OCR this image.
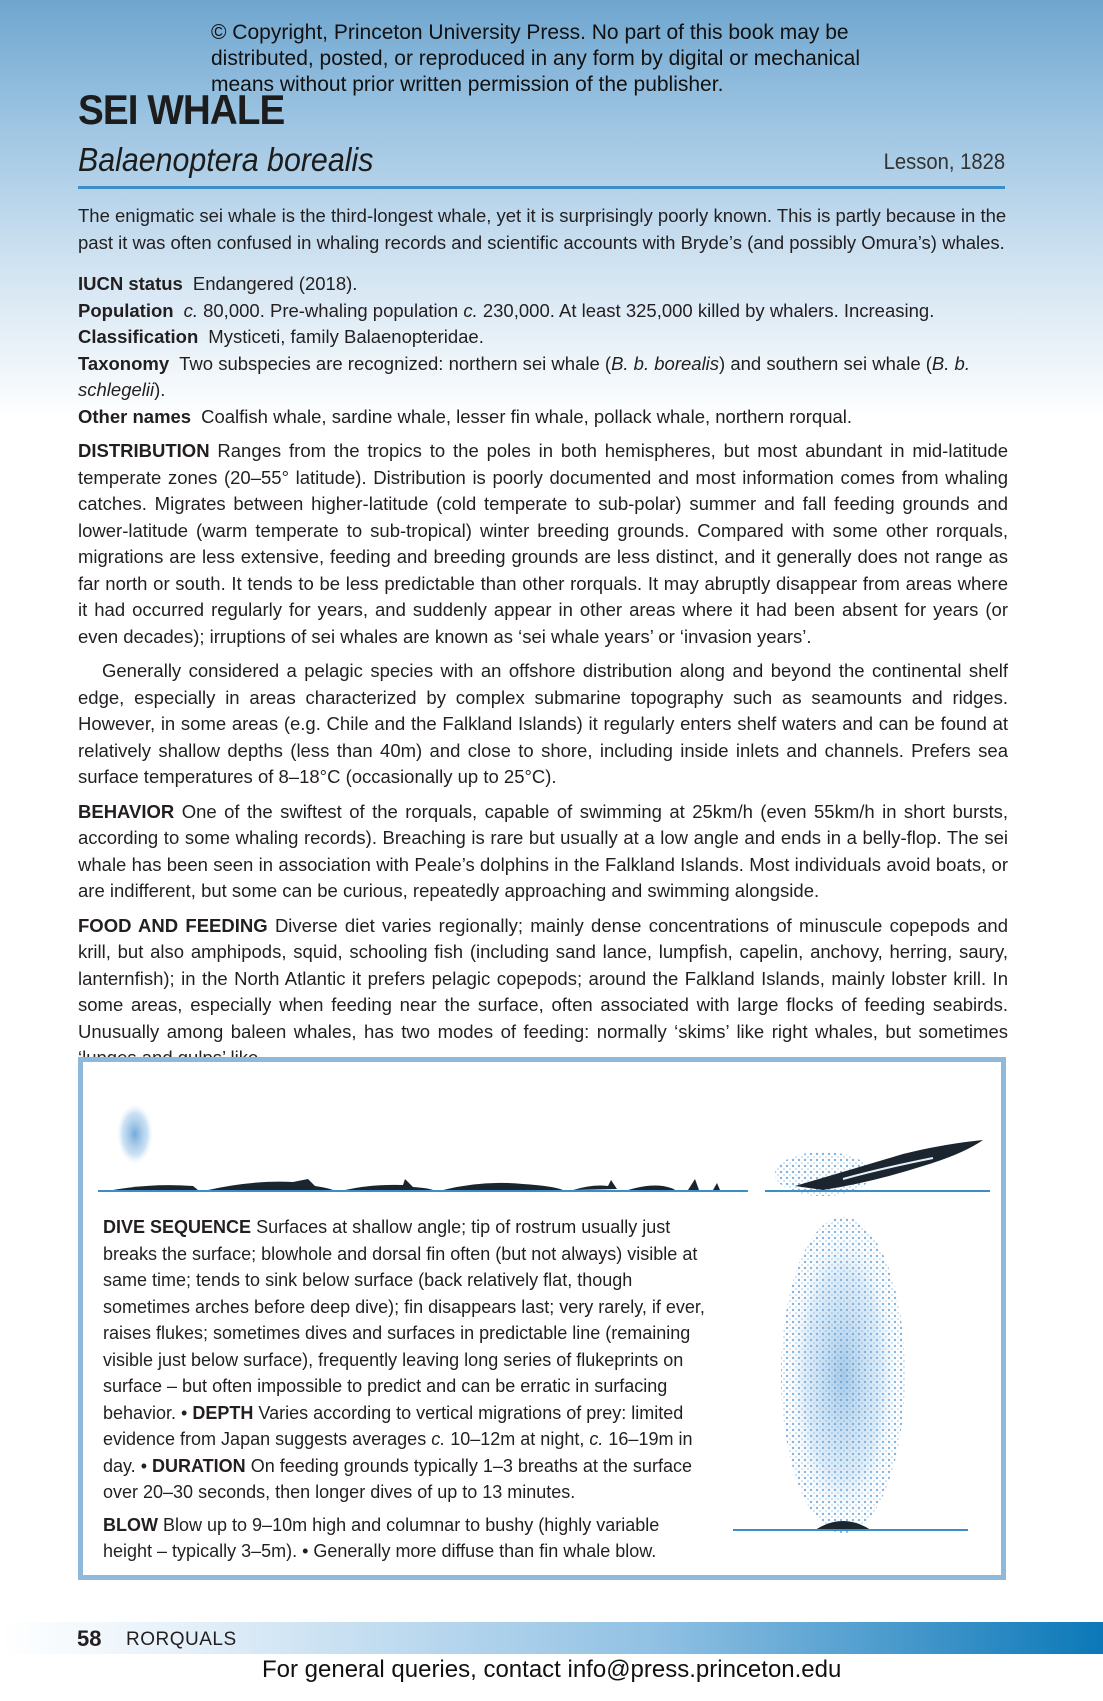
© Copyright, Princeton University Press. No part of this book may be distributed, posted, or reproduced in any form by digital or mechanical means without prior written permission of the publisher.
SEI WHALE
Balaenoptera borealis	Lesson, 1828
The enigmatic sei whale is the third-longest whale, yet it is surprisingly poorly known. This is partly because in the past it was often confused in whaling records and scientific accounts with Bryde’s (and possibly Omura’s) whales.

IUCN status Endangered (2018).

Population c. 80,000. Pre-whaling population c. 230,000. At least 325,000 killed by whalers. Increasing.

Classification Mysticeti, family Balaenopteridae.

Taxonomy Two subspecies are recognized: northern sei whale (B. b. borealis) and southern sei whale (B. b. schlegelii).

Other names Coalfish whale, sardine whale, lesser fin whale, pollack whale, northern rorqual.

DISTRIBUTION Ranges from the tropics to the poles in both hemispheres, but most abundant in mid-latitude temperate zones (20–55° latitude). Distribution is poorly documented and most information comes from whaling catches. Migrates between higher-latitude (cold temperate to sub-polar) summer and fall feeding grounds and lower-latitude (warm temperate to sub-tropical) winter breeding grounds. Compared with some other rorquals, migrations are less extensive, feeding and breeding grounds are less distinct, and it generally does not range as far north or south. It tends to be less predictable than other rorquals. It may abruptly disappear from areas where it had occurred regularly for years, and suddenly appear in other areas where it had been absent for years (or even decades); irruptions of sei whales are known as ‘sei whale years’ or ‘invasion years’.

Generally considered a pelagic species with an offshore distribution along and beyond the continental shelf edge, especially in areas characterized by complex submarine topography such as seamounts and ridges. However, in some areas (e.g. Chile and the Falkland Islands) it regularly enters shelf waters and can be found at relatively shallow depths (less than 40m) and close to shore, including inside inlets and channels. Prefers sea surface temperatures of 8–18°C (occasionally up to 25°C).

BEHAVIOR One of the swiftest of the rorquals, capable of swimming at 25km/h (even 55km/h in short bursts, according to some whaling records). Breaching is rare but usually at a low angle and ends in a belly-flop. The sei whale has been seen in association with Peale’s dolphins in the Falkland Islands. Most individuals avoid boats, or are indifferent, but some can be curious, repeatedly approaching and swimming alongside.

FOOD AND FEEDING Diverse diet varies regionally; mainly dense concentrations of minuscule copepods and krill, but also amphipods, squid, schooling fish (including sand lance, lumpfish, capelin, anchovy, herring, saury, lanternfish); in the North Atlantic it prefers pelagic copepods; around the Falkland Islands, mainly lobster krill. In some areas, especially when feeding near the surface, often associated with large flocks of feeding seabirds. Unusually among baleen whales, has two modes of feeding: normally ‘skims’ like right whales, but sometimes

DIVE SEQUENCE Surfaces at shallow angle; tip of rostrum usually just breaks the surface; blowhole and dorsal fin often (but not always) visible at same time; tends to sink below surface (back relatively flat, though sometimes arches before deep dive); fin disappears last; very rarely, if ever, raises flukes; sometimes dives and surfaces in predictable line (remaining visible just below surface), frequently leaving long series of flukeprints on surface – but often impossible to predict and can be erratic in surfacing behavior. • DEPTH Varies according to vertical migrations of prey: limited evidence from Japan suggests averages c. 10–12m at night, c. 16–19m in day. • DURATION On feeding grounds typically 1–3 breaths at the surface over 20–30 seconds, then longer dives of up to 13 minutes.

BLOW Blow up to 9–10m high and columnar to bushy (highly variable height – typically 3–5m). • Generally more diffuse than fin whale blow.

58 RORQUALS
For general queries, contact info@press.princeton.edu
